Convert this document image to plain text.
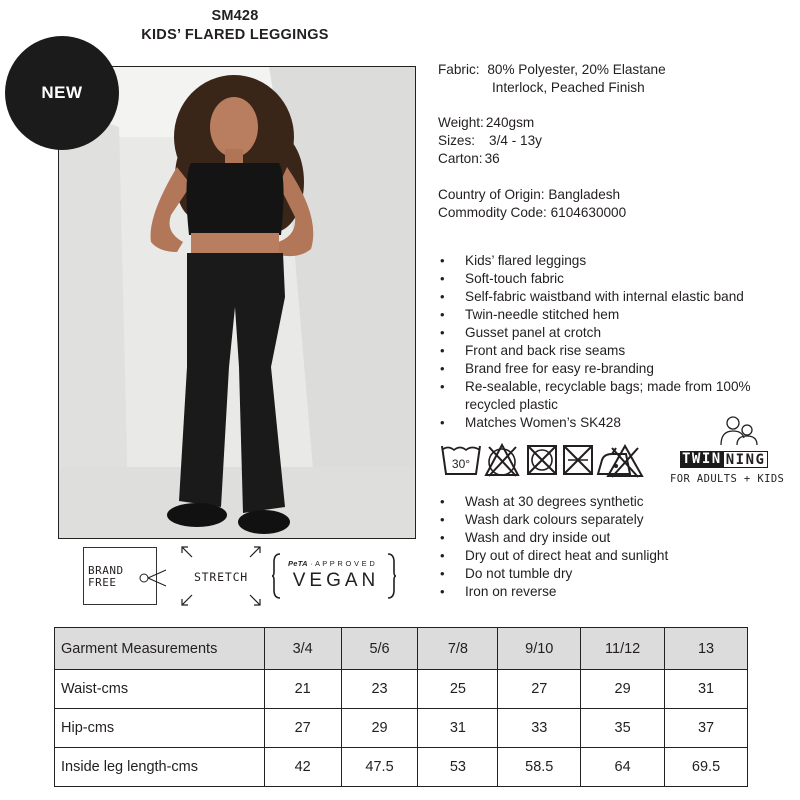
SM428
KIDS’ FLARED LEGGINGS
NEW
Fabric: 80% Polyester, 20% Elastane
Interlock, Peached Finish
Weight: 240gsm
Sizes: 3/4 - 13y
Carton: 36
Country of Origin: Bangladesh
Commodity Code: 6104630000
• Kids’ flared leggings
• Soft-touch fabric
• Self-fabric waistband with internal elastic band
• Twin-needle stitched hem
• Gusset panel at crotch
• Front and back rise seams
• Brand free for easy re-branding
• Re-sealable, recyclable bags; made from 100% recycled plastic
• Matches Women’s SK428
30°	TWIN NING
FOR ADULTS + KIDS
• Wash at 30 degrees synthetic
• Wash dark colours separately
• Wash and dry inside out
• Dry out of direct heat and sunlight
• Do not tumble dry
• Iron on reverse
BRAND
FREE	STRETCH
PeTA · A P P R O V E D
VEGAN
Garment Measurements	3/4	5/6	7/8	9/10	11/12	13
Waist-cms	21	23	25	27	29	31
Hip-cms	27	29	31	33	35	37
Inside leg length-cms	42	47.5	53	58.5	64	69.5
